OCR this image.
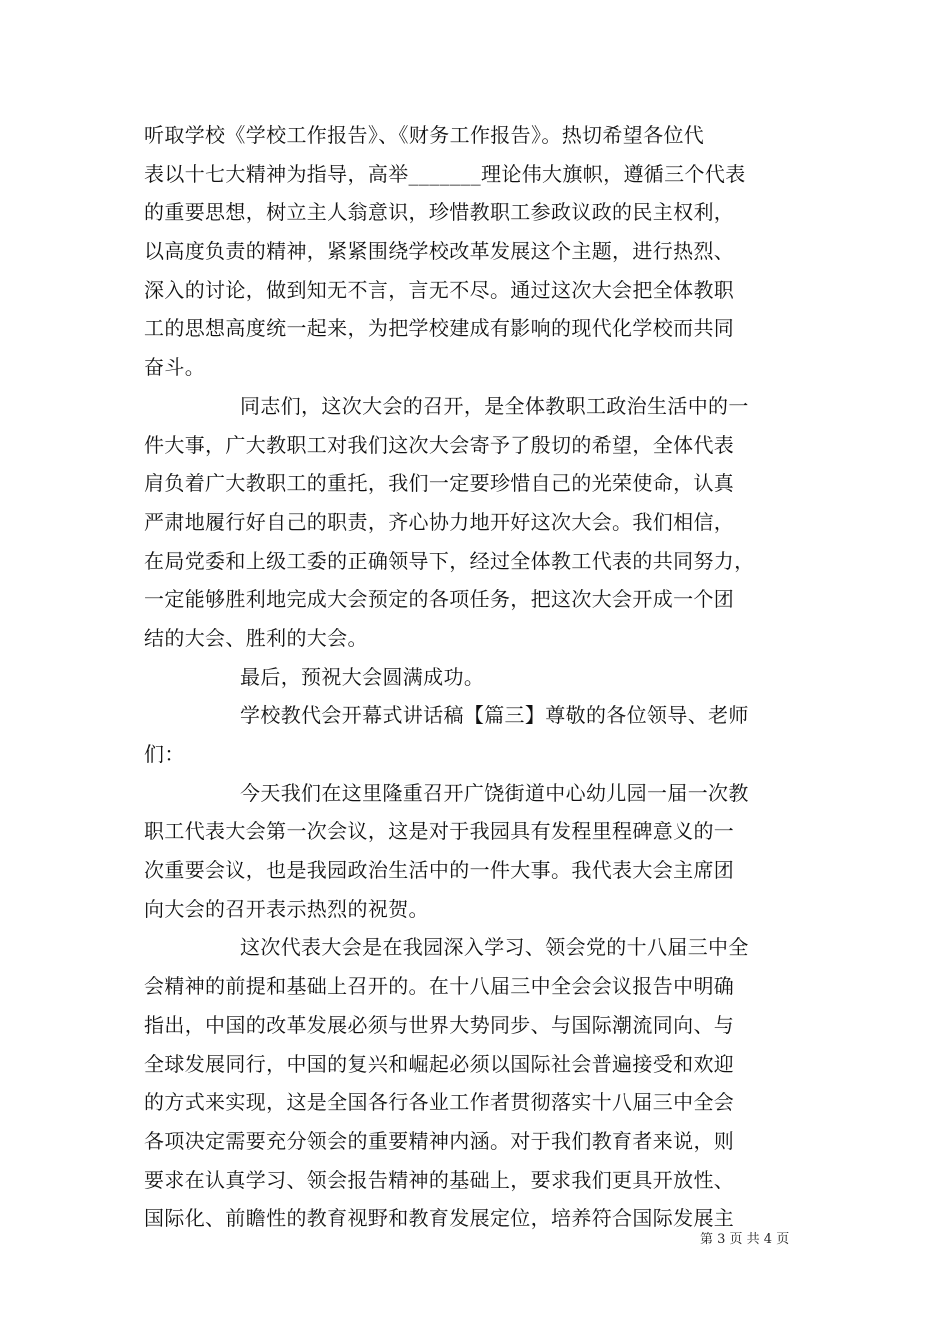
听取学校《学校工作报告》、《财务工作报告》。热切希望各位代
表以十七大精神为指导，高举_______理论伟大旗帜，遵循三个代表
的重要思想，树立主人翁意识，珍惜教职工参政议政的民主权利，
以高度负责的精神，紧紧围绕学校改革发展这个主题，进行热烈、
深入的讨论，做到知无不言，言无不尽。通过这次大会把全体教职
工的思想高度统一起来，为把学校建成有影响的现代化学校而共同
奋斗。
同志们，这次大会的召开，是全体教职工政治生活中的一
件大事，广大教职工对我们这次大会寄予了殷切的希望，全体代表
肩负着广大教职工的重托，我们一定要珍惜自己的光荣使命，认真
严肃地履行好自己的职责，齐心协力地开好这次大会。我们相信，
在局党委和上级工委的正确领导下，经过全体教工代表的共同努力，
一定能够胜利地完成大会预定的各项任务，把这次大会开成一个团
结的大会、胜利的大会。
最后，预祝大会圆满成功。
学校教代会开幕式讲话稿【篇三】尊敬的各位领导、老师
们：
今天我们在这里隆重召开广饶街道中心幼儿园一届一次教
职工代表大会第一次会议，这是对于我园具有发程里程碑意义的一
次重要会议，也是我园政治生活中的一件大事。我代表大会主席团
向大会的召开表示热烈的祝贺。
这次代表大会是在我园深入学习、领会党的十八届三中全
会精神的前提和基础上召开的。在十八届三中全会会议报告中明确
指出，中国的改革发展必须与世界大势同步、与国际潮流同向、与
全球发展同行，中国的复兴和崛起必须以国际社会普遍接受和欢迎
的方式来实现，这是全国各行各业工作者贯彻落实十八届三中全会
各项决定需要充分领会的重要精神内涵。对于我们教育者来说，则
要求在认真学习、领会报告精神的基础上，要求我们更具开放性、
国际化、前瞻性的教育视野和教育发展定位，培养符合国际发展主
第 3 页 共 4 页
